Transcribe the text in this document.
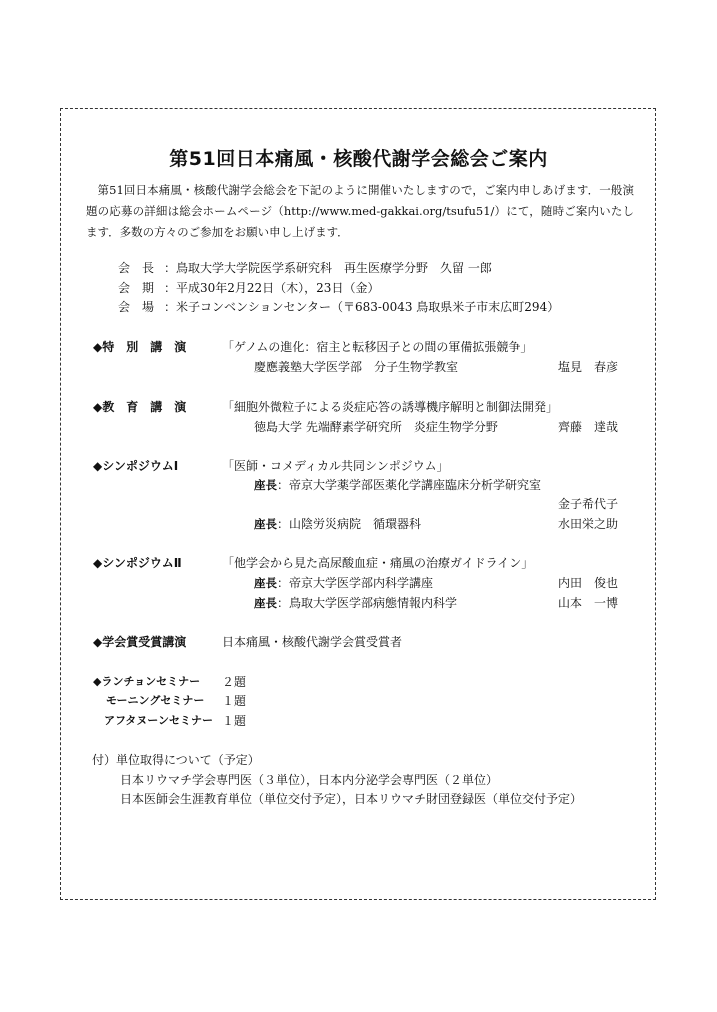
第51回日本痛風・核酸代謝学会総会ご案内

第51回日本痛風・核酸代謝学会総会を下記のように開催いたしますので，ご案内申しあげます．一般演題の応募の詳細は総会ホームページ（http://www.med-gakkai.org/tsufu51/）にて，随時ご案内いたします．多数の方々のご参加をお願い申し上げます．

会　長 ：鳥取大学大学院医学系研究科　再生医療学分野　久留 一郎
会　期 ：平成30年2月22日（木），23日（金）
会　場 ：米子コンベンションセンター（〒683-0043 鳥取県米子市末広町294）
◆特　別　講　演	「ゲノムの進化：宿主と転移因子との間の軍備拡張競争」
慶應義塾大学医学部　分子生物学教室	塩見　春彦
◆教　育　講　演	「細胞外微粒子による炎症応答の誘導機序解明と制御法開発」
徳島大学 先端酵素学研究所　炎症生物学分野	齊藤　達哉
◆シンポジウムⅠ	「医師・コメディカル共同シンポジウム」
座長：帝京大学薬学部医薬化学講座臨床分析学研究室
金子希代子
座長：山陰労災病院　循環器科	水田栄之助
◆シンポジウムⅡ	「他学会から見た高尿酸血症・痛風の治療ガイドライン」
座長：帝京大学医学部内科学講座	内田　俊也
座長：鳥取大学医学部病態情報内科学	山本　一博
◆学会賞受賞講演	日本痛風・核酸代謝学会賞受賞者
◆ランチョンセミナー ２題
モーニングセミナー １題
アフタヌーンセミナー １題
付）単位取得について（予定）
日本リウマチ学会専門医（３単位），日本内分泌学会専門医（２単位）
日本医師会生涯教育単位（単位交付予定），日本リウマチ財団登録医（単位交付予定）
